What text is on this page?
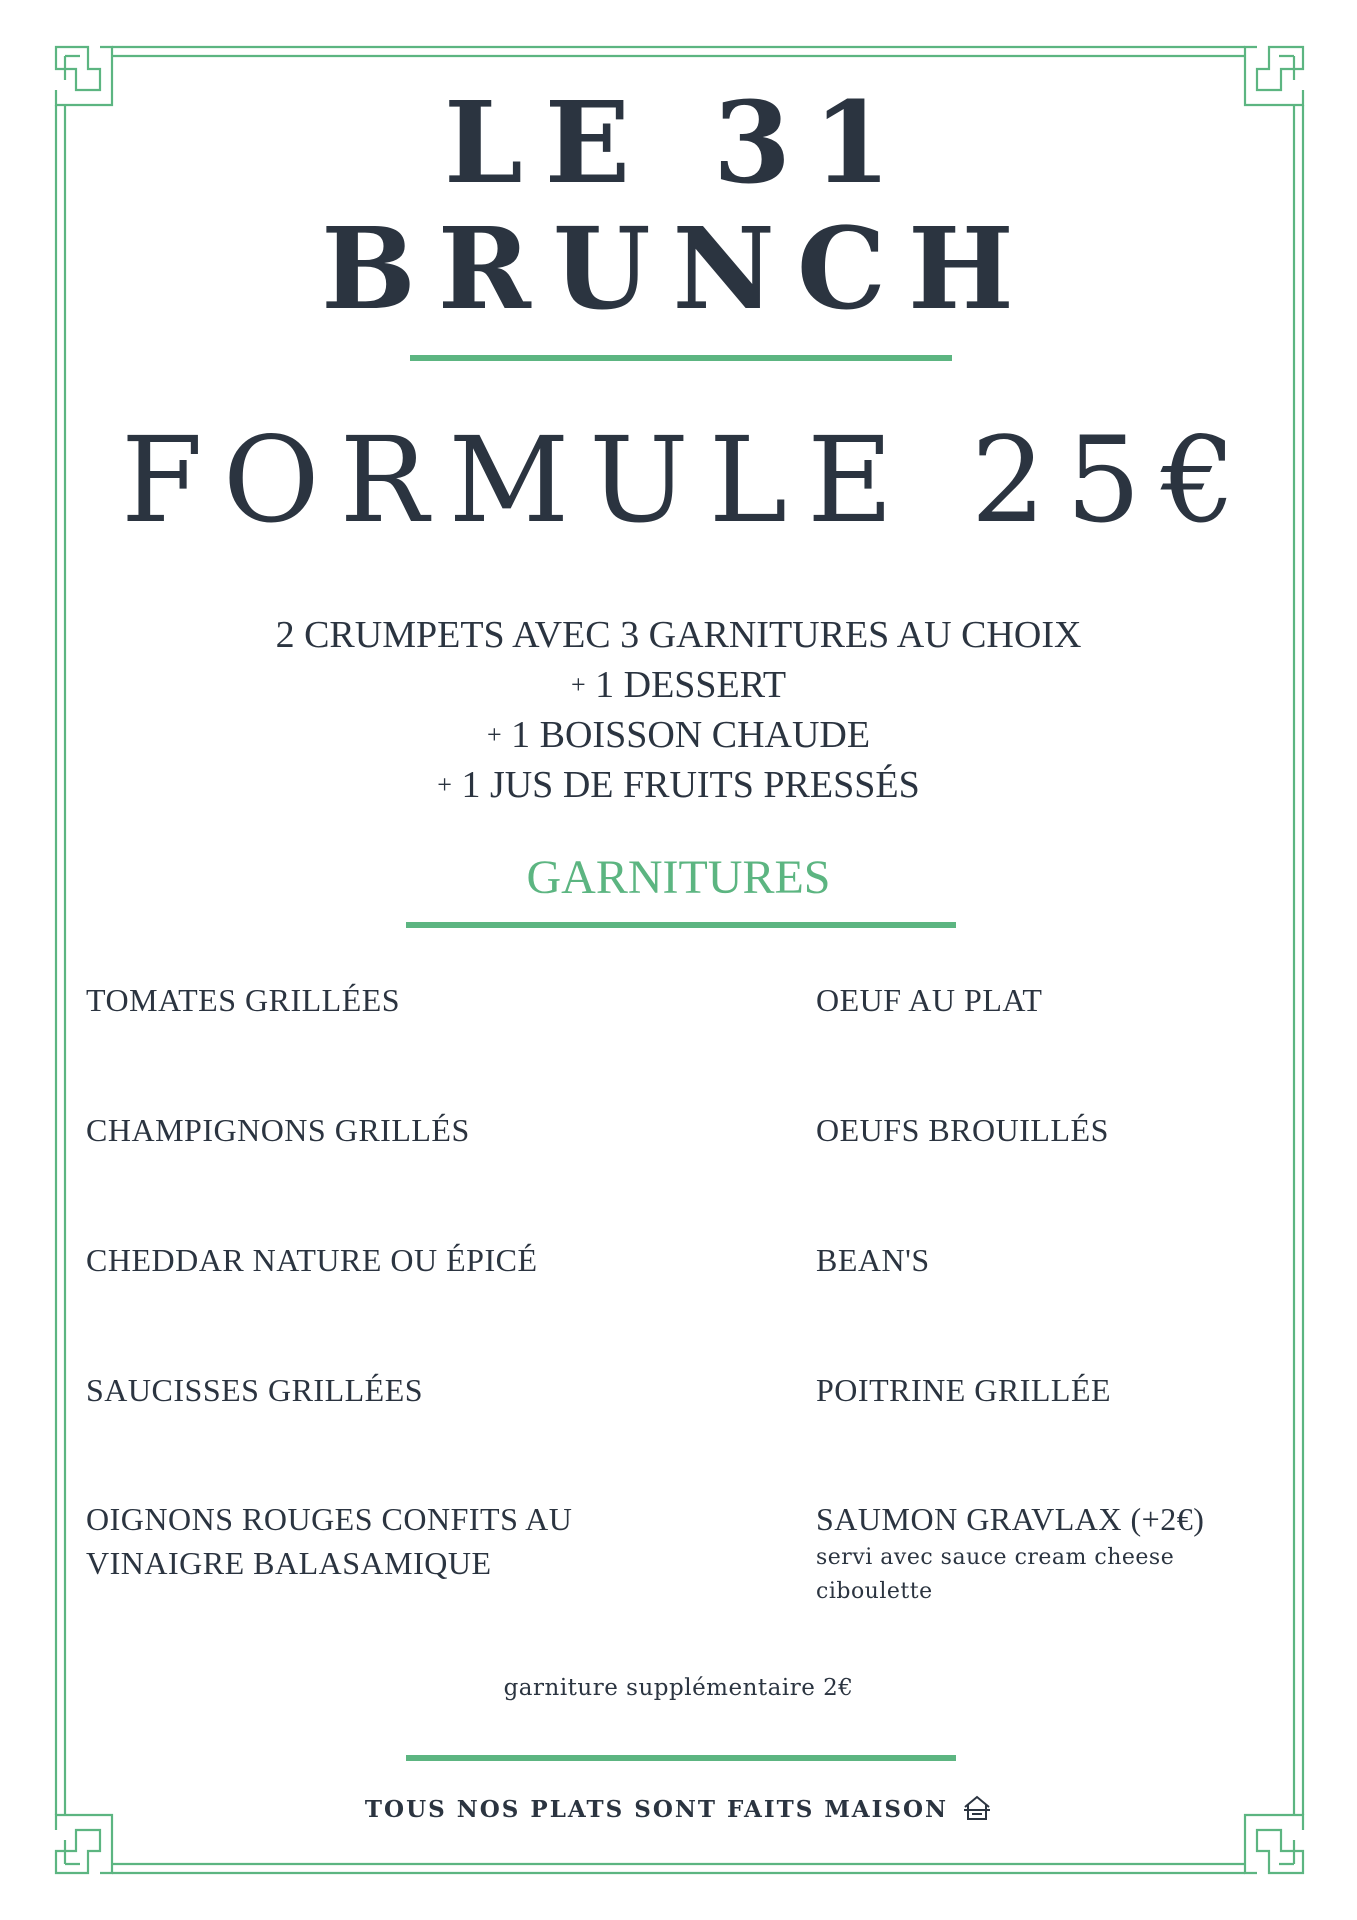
LE 31
BRUNCH
FORMULE 25€
2 CRUMPETS AVEC 3 GARNITURES AU CHOIX
+ 1 DESSERT
+ 1 BOISSON CHAUDE
+ 1 JUS DE FRUITS PRESSÉS
GARNITURES
TOMATES GRILLÉES
CHAMPIGNONS GRILLÉS
CHEDDAR NATURE OU ÉPICÉ
SAUCISSES GRILLÉES
OIGNONS ROUGES CONFITS AU
VINAIGRE BALASAMIQUE
OEUF AU PLAT
OEUFS BROUILLÉS
BEAN'S
POITRINE GRILLÉE
SAUMON GRAVLAX (+2€)
servi avec sauce cream cheese
ciboulette
garniture supplémentaire 2€
TOUS NOS PLATS SONT FAITS MAISON
